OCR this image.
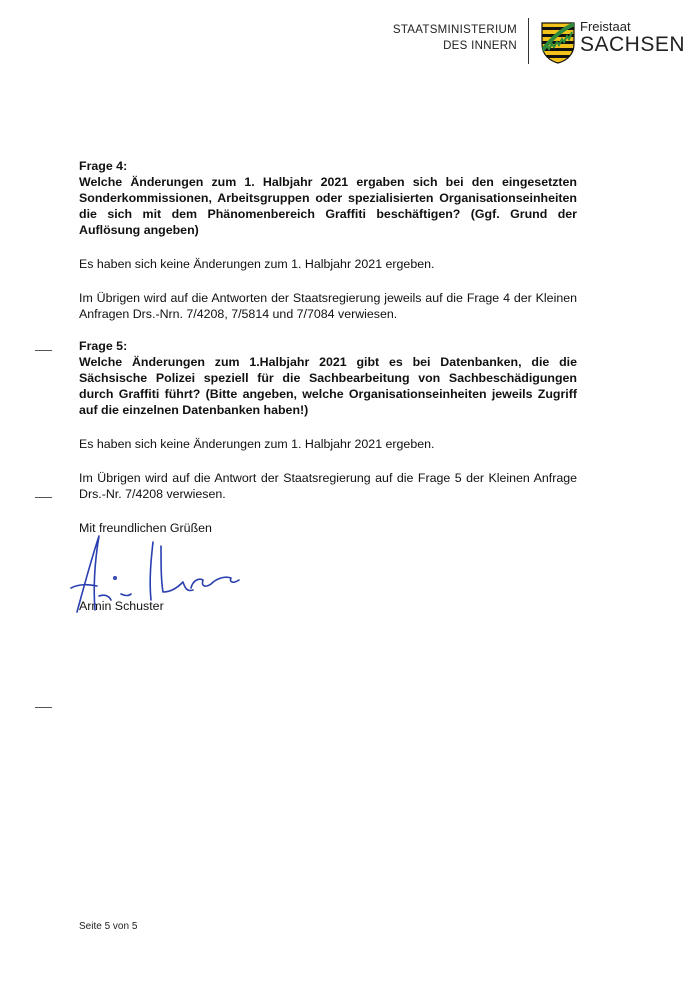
STAATSMINISTERIUM
DES INNERN
Freistaat
SACHSEN

Frage 4:

Welche Änderungen zum 1. Halbjahr 2021 ergaben sich bei den eingesetzten Sonderkommissionen, Arbeitsgruppen oder spezialisierten Organisationseinheiten die sich mit dem Phänomenbereich Graffiti beschäftigen? (Ggf. Grund der Auflösung angeben)

Es haben sich keine Änderungen zum 1. Halbjahr 2021 ergeben.

Im Übrigen wird auf die Antworten der Staatsregierung jeweils auf die Frage 4 der Kleinen Anfragen Drs.-Nrn. 7/4208, 7/5814 und 7/7084 verwiesen.

Frage 5:

Welche Änderungen zum 1.Halbjahr 2021 gibt es bei Datenbanken, die die Sächsische Polizei speziell für die Sachbearbeitung von Sachbeschädigungen durch Graffiti führt? (Bitte angeben, welche Organisationseinheiten jeweils Zugriff auf die einzelnen Datenbanken haben!)

Es haben sich keine Änderungen zum 1. Halbjahr 2021 ergeben.

Im Übrigen wird auf die Antwort der Staatsregierung auf die Frage 5 der Kleinen Anfrage Drs.-Nr. 7/4208 verwiesen.

Mit freundlichen Grüßen
Armin Schuster
Seite 5 von 5
